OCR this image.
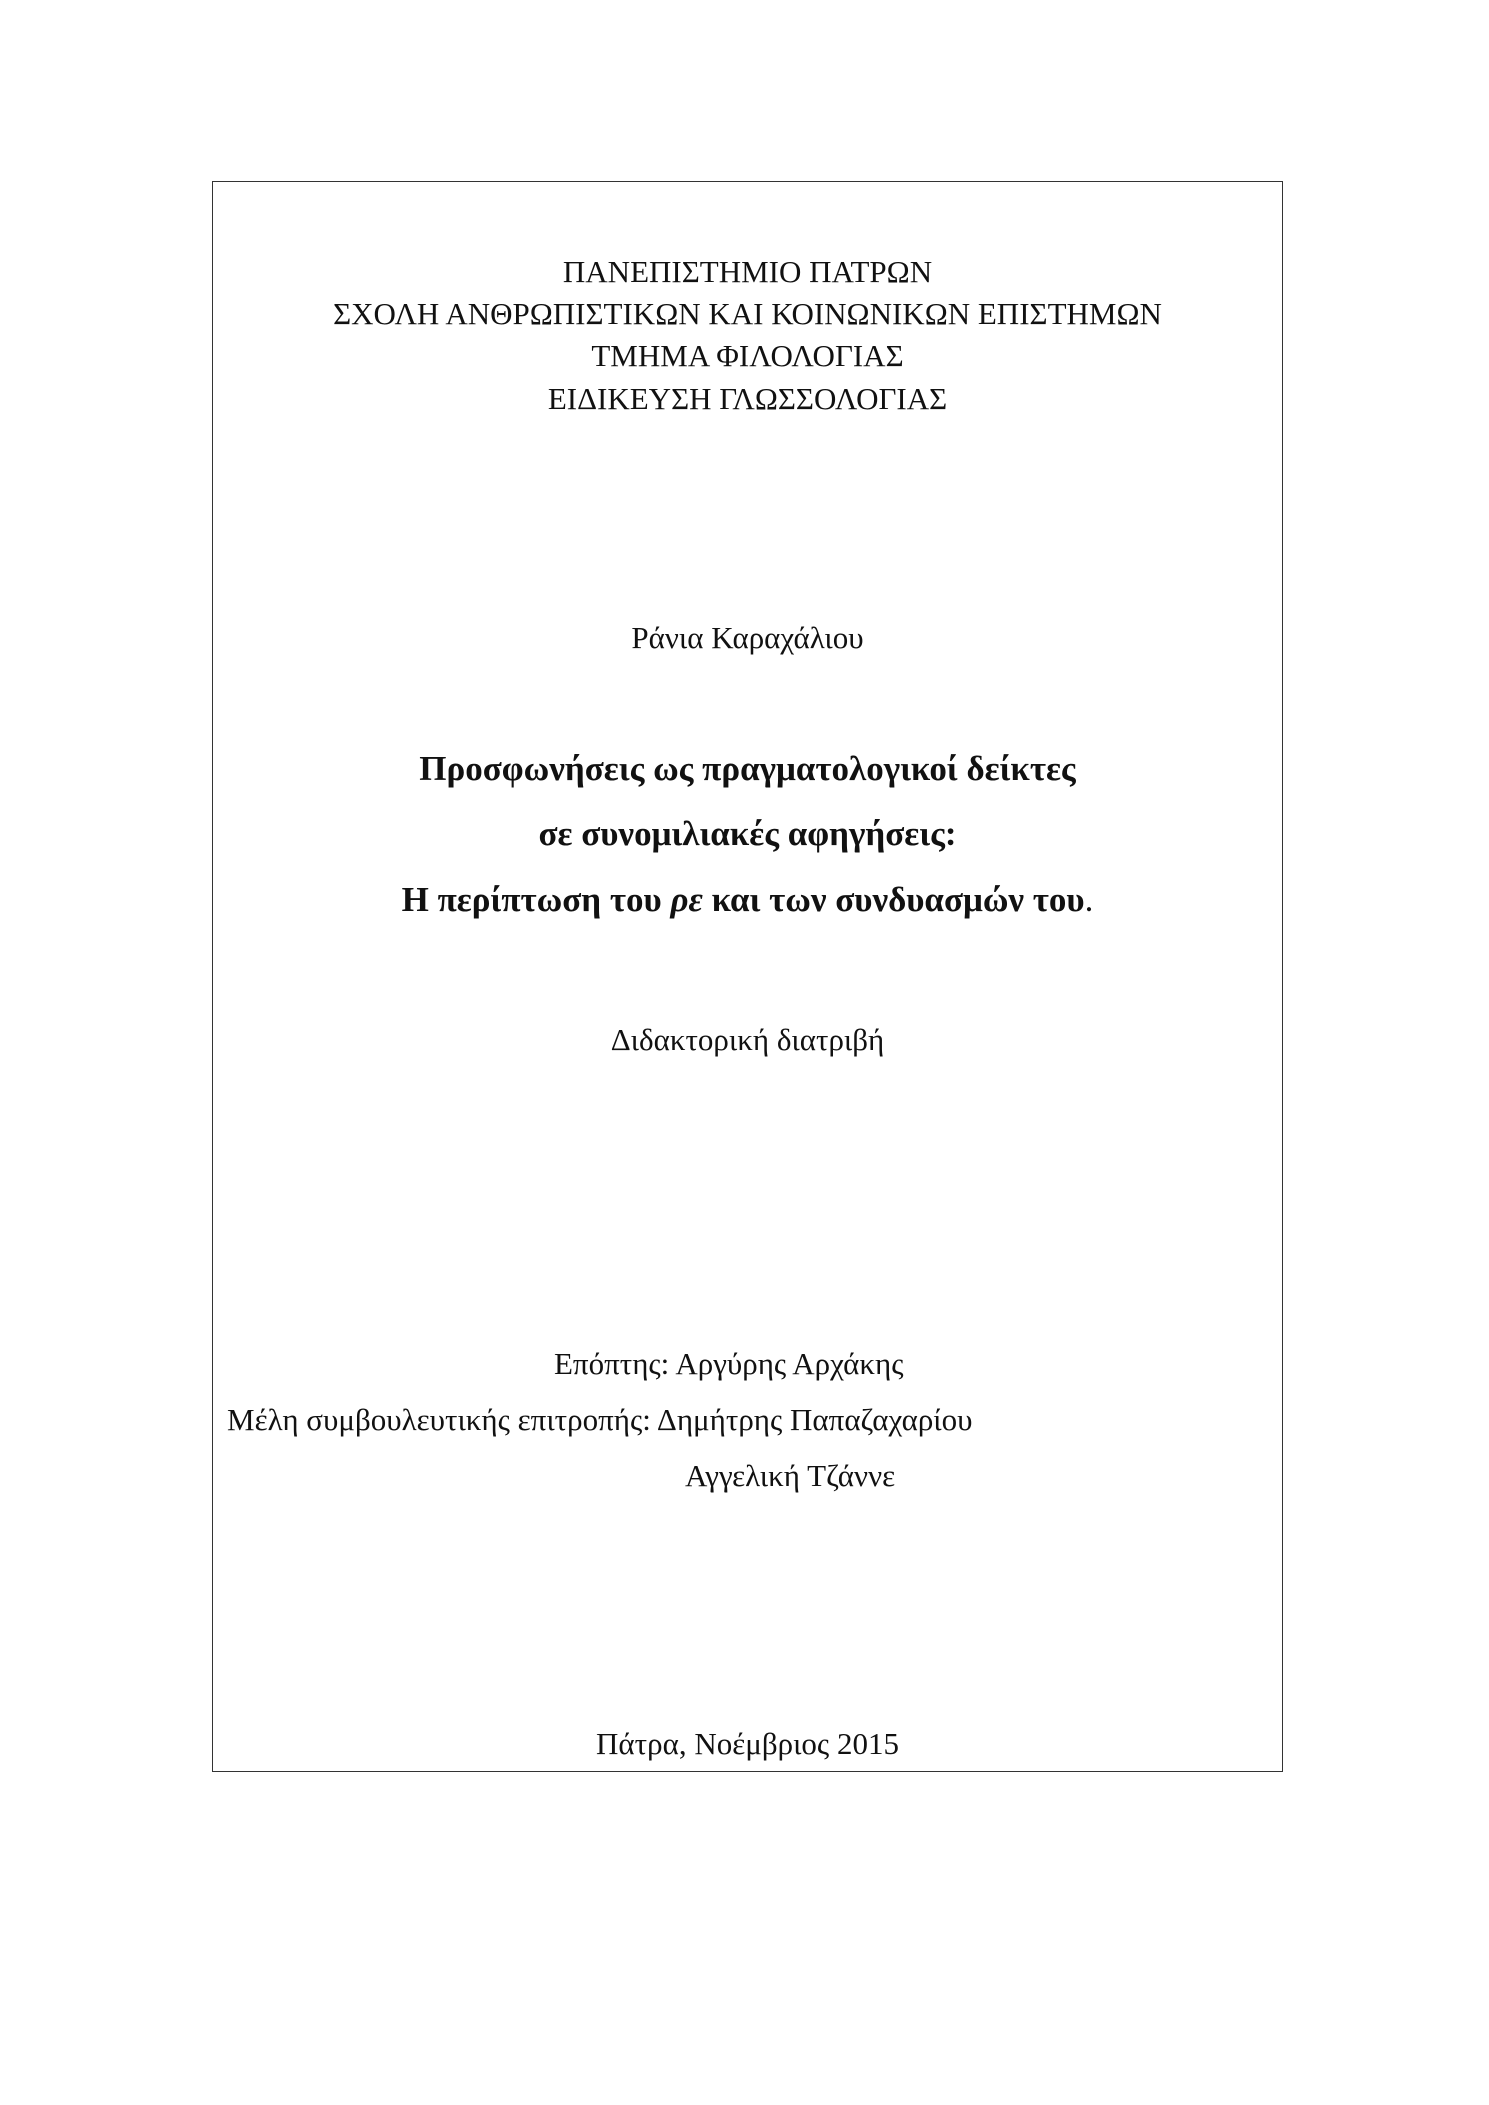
ΠΑΝΕΠΙΣΤΗΜΙΟ ΠΑΤΡΩΝ
ΣΧΟΛΗ ΑΝΘΡΩΠΙΣΤΙΚΩΝ ΚΑΙ ΚΟΙΝΩΝΙΚΩΝ ΕΠΙΣΤΗΜΩΝ
ΤΜΗΜΑ ΦΙΛΟΛΟΓΙΑΣ
ΕΙΔΙΚΕΥΣΗ ΓΛΩΣΣΟΛΟΓΙΑΣ
Ράνια Καραχάλιου
Προσφωνήσεις ως πραγματολογικοί δείκτες
σε συνομιλιακές αφηγήσεις:
Η περίπτωση του ρε και των συνδυασμών του.
Διδακτορική διατριβή
Επόπτης: Αργύρης Αρχάκης
Μέλη συμβουλευτικής επιτροπής: Δημήτρης Παπαζαχαρίου
Αγγελική Τζάννε
Πάτρα, Νοέμβριος 2015
